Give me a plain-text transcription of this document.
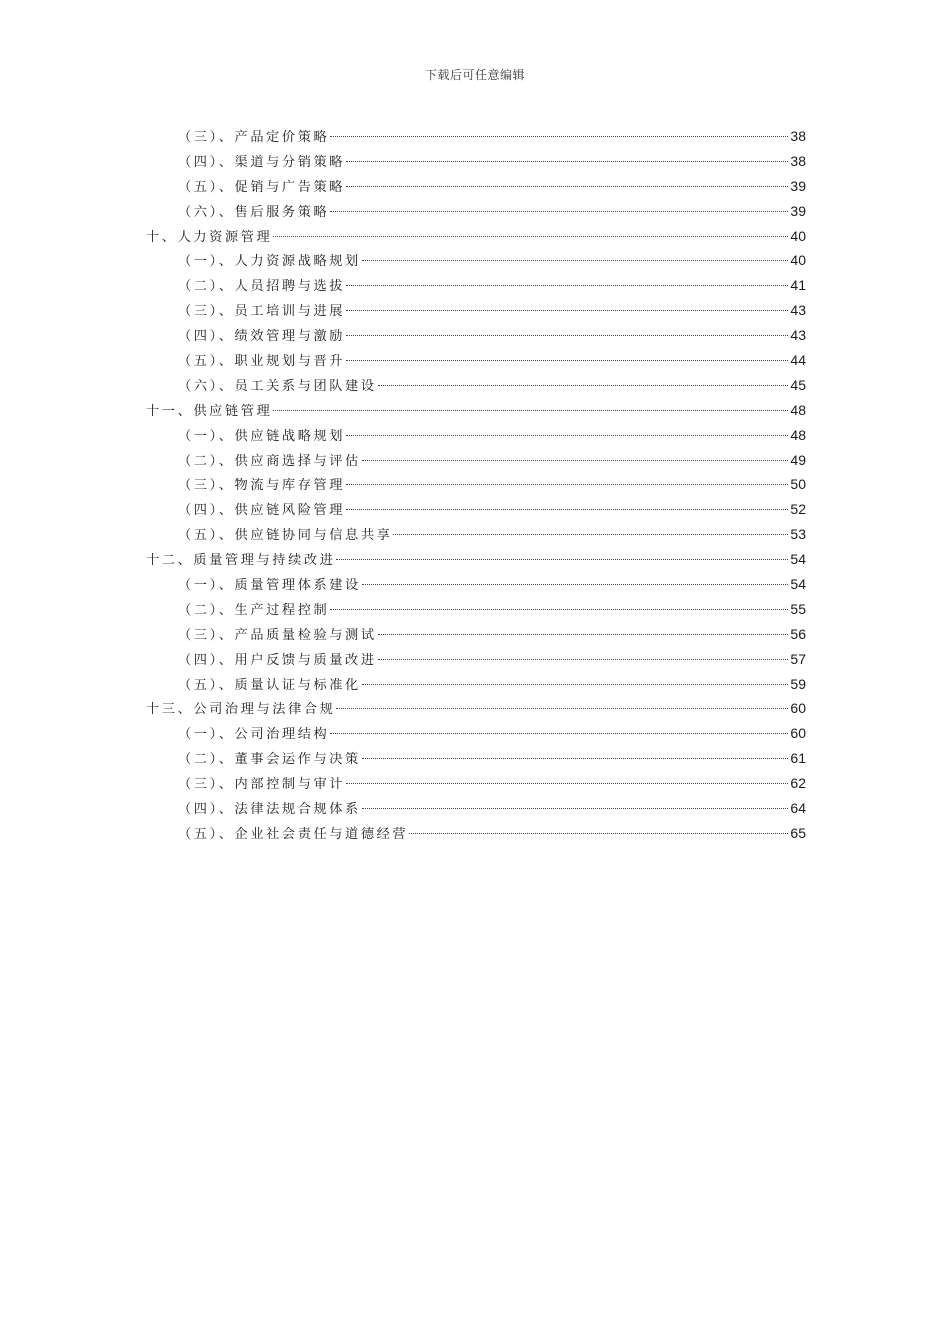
下载后可任意编辑
（三）、产品定价策略	38
（四）、渠道与分销策略	38
（五）、促销与广告策略	39
（六）、售后服务策略	39
十、人力资源管理	40
（一）、人力资源战略规划	40
（二）、人员招聘与选拔	41
（三）、员工培训与进展	43
（四）、绩效管理与激励	43
（五）、职业规划与晋升	44
（六）、员工关系与团队建设	45
十一、供应链管理	48
（一）、供应链战略规划	48
（二）、供应商选择与评估	49
（三）、物流与库存管理	50
（四）、供应链风险管理	52
（五）、供应链协同与信息共享	53
十二、质量管理与持续改进	54
（一）、质量管理体系建设	54
（二）、生产过程控制	55
（三）、产品质量检验与测试	56
（四）、用户反馈与质量改进	57
（五）、质量认证与标准化	59
十三、公司治理与法律合规	60
（一）、公司治理结构	60
（二）、董事会运作与决策	61
（三）、内部控制与审计	62
（四）、法律法规合规体系	64
（五）、企业社会责任与道德经营	65
